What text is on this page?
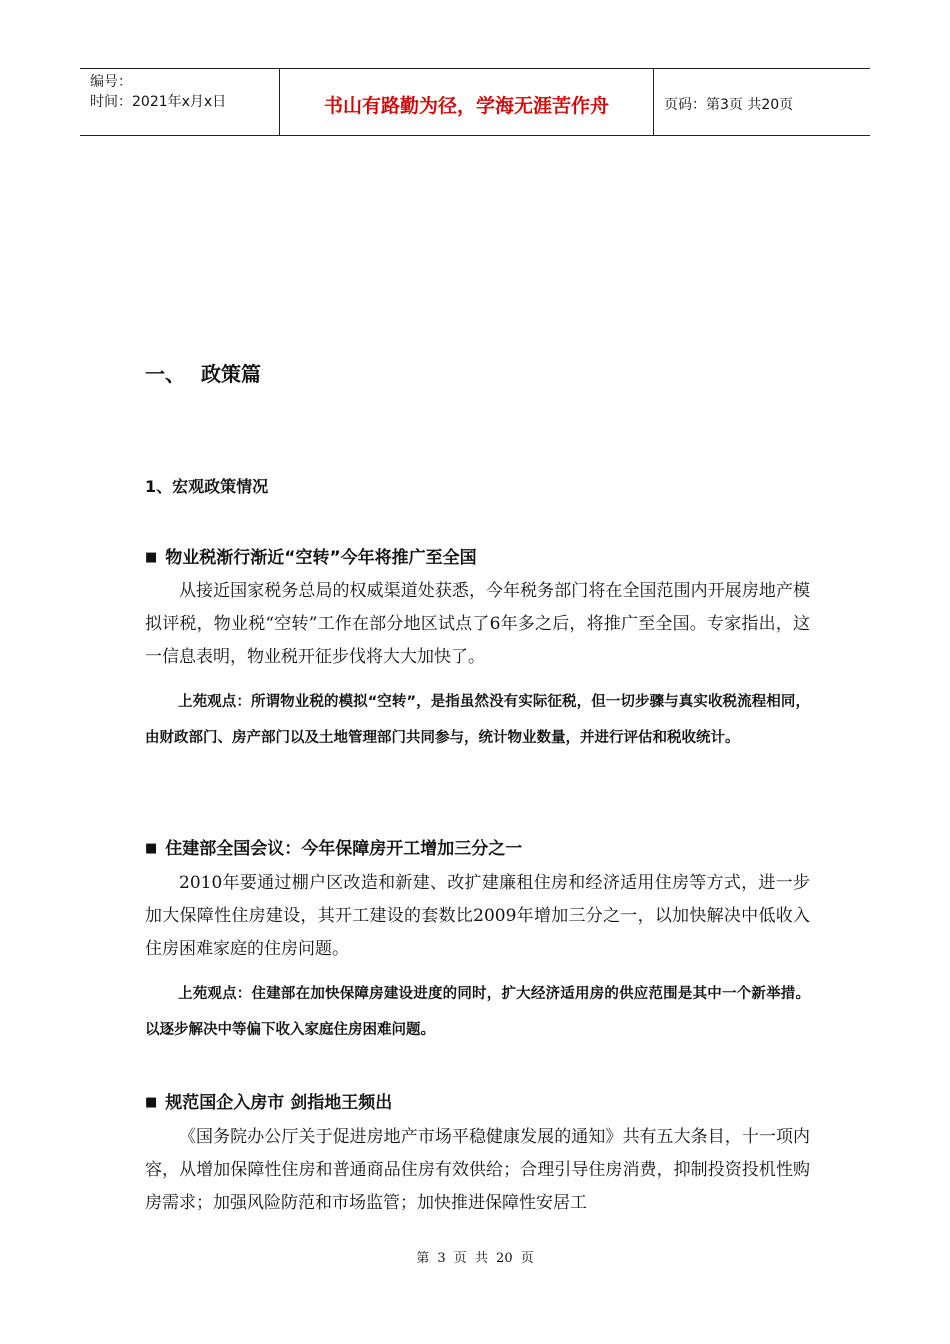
编号：
时间：2021年x月x日	书山有路勤为径，学海无涯苦作舟	页码：第3页 共20页
一、 政策篇
1、宏观政策情况
■ 物业税渐行渐近“空转”今年将推广至全国
从接近国家税务总局的权威渠道处获悉，今年税务部门将在全国范围内开展房地产模拟评税，物业税“空转”工作在部分地区试点了6年多之后，将推广至全国。专家指出，这一信息表明，物业税开征步伐将大大加快了。
上苑观点：所谓物业税的模拟“空转”，是指虽然没有实际征税，但一切步骤与真实收税流程相同，由财政部门、房产部门以及土地管理部门共同参与，统计物业数量，并进行评估和税收统计。
■ 住建部全国会议：今年保障房开工增加三分之一
2010年要通过棚户区改造和新建、改扩建廉租住房和经济适用住房等方式，进一步加大保障性住房建设，其开工建设的套数比2009年增加三分之一，以加快解决中低收入住房困难家庭的住房问题。
上苑观点：住建部在加快保障房建设进度的同时，扩大经济适用房的供应范围是其中一个新举措。以逐步解决中等偏下收入家庭住房困难问题。
■ 规范国企入房市 剑指地王频出
《国务院办公厅关于促进房地产市场平稳健康发展的通知》共有五大条目，十一项内容，从增加保障性住房和普通商品住房有效供给；合理引导住房消费，抑制投资投机性购房需求；加强风险防范和市场监管；加快推进保障性安居工
第 3 页 共 20 页
